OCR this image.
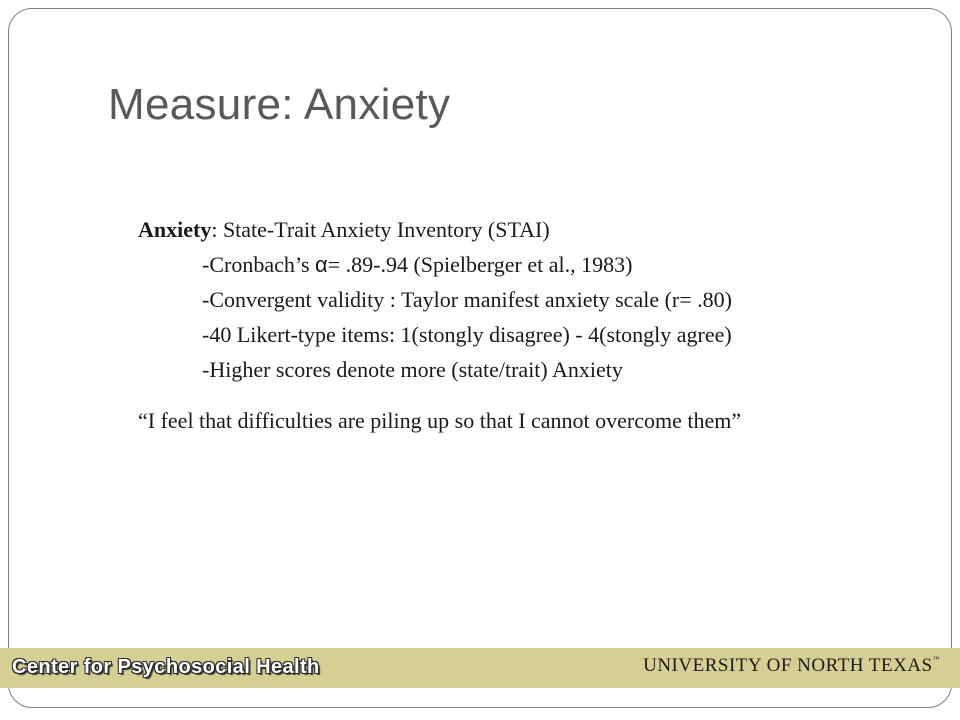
Measure: Anxiety
Anxiety: State-Trait Anxiety Inventory (STAI)
-Cronbach’s α= .89-.94 (Spielberger et al., 1983)
-Convergent validity : Taylor manifest anxiety scale (r= .80)
-40 Likert-type items: 1(stongly disagree) - 4(stongly agree)
-Higher scores denote more (state/trait) Anxiety
“I feel that difficulties are piling up so that I cannot overcome them”
Center for Psychosocial Health	UNIVERSITY OF NORTH TEXAS™
